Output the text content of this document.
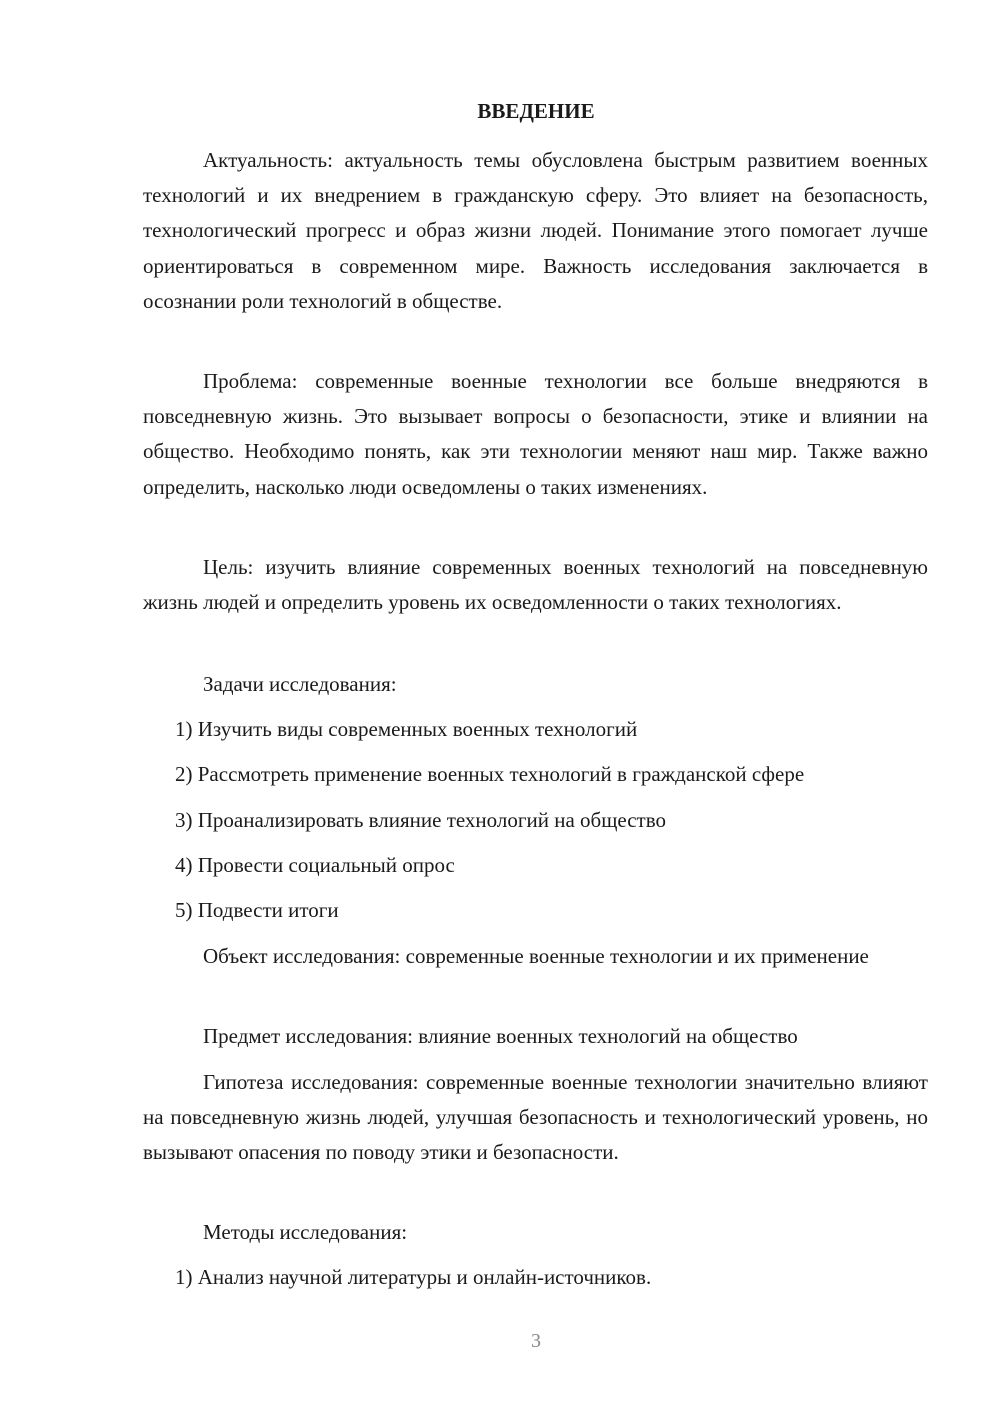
ВВЕДЕНИЕ

Актуальность: актуальность темы обусловлена быстрым развитием военных технологий и их внедрением в гражданскую сферу. Это влияет на безопасность, технологический прогресс и образ жизни людей. Понимание этого помогает лучше ориентироваться в современном мире. Важность исследования заключается в осознании роли технологий в обществе.

Проблема: современные военные технологии все больше внедряются в повседневную жизнь. Это вызывает вопросы о безопасности, этике и влиянии на общество. Необходимо понять, как эти технологии меняют наш мир. Также важно определить, насколько люди осведомлены о таких изменениях.

Цель: изучить влияние современных военных технологий на повседневную жизнь людей и определить уровень их осведомленности о таких технологиях.

Задачи исследования:

1) Изучить виды современных военных технологий

2) Рассмотреть применение военных технологий в гражданской сфере

3) Проанализировать влияние технологий на общество

4) Провести социальный опрос

5) Подвести итоги

Объект исследования: современные военные технологии и их применение

Предмет исследования: влияние военных технологий на общество

Гипотеза исследования: современные военные технологии значительно влияют на повседневную жизнь людей, улучшая безопасность и технологический уровень, но вызывают опасения по поводу этики и безопасности.

Методы исследования:

1) Анализ научной литературы и онлайн-источников.

3
